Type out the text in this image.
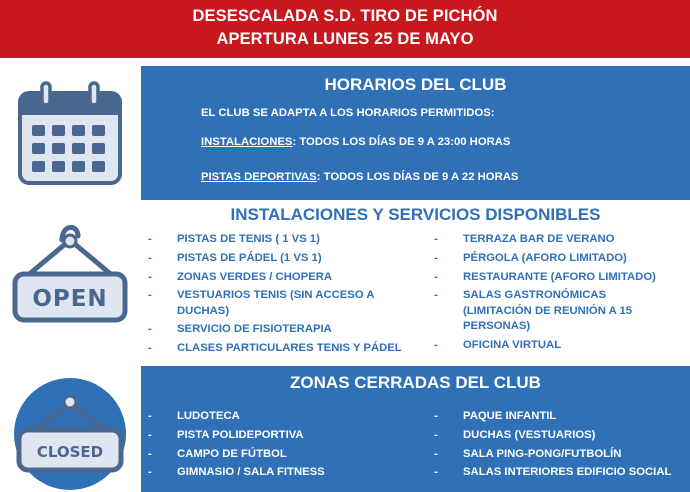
DESESCALADA S.D. TIRO DE PICHÓN
APERTURA LUNES 25 DE MAYO
HORARIOS DEL CLUB
EL CLUB SE ADAPTA A LOS HORARIOS PERMITIDOS:
INSTALACIONES: TODOS LOS DÍAS DE 9 A 23:00 HORAS
PISTAS DEPORTIVAS: TODOS LOS DÍAS DE 9 A 22 HORAS
OPEN
INSTALACIONES Y SERVICIOS DISPONIBLES
- PISTAS DE TENIS ( 1 VS 1)
- PISTAS DE PÁDEL (1 VS 1)
- ZONAS VERDES / CHOPERA
- VESTUARIOS TENIS (SIN ACCESO A DUCHAS)
- SERVICIO DE FISIOTERAPIA
- CLASES PARTICULARES TENIS Y PÁDEL
- TERRAZA BAR DE VERANO
- PÉRGOLA (AFORO LIMITADO)
- RESTAURANTE (AFORO LIMITADO)
- SALAS GASTRONÓMICAS (LIMITACIÓN DE REUNIÓN A 15 PERSONAS)
- OFICINA VIRTUAL
CLOSED
ZONAS CERRADAS DEL CLUB
- LUDOTECA
- PISTA POLIDEPORTIVA
- CAMPO DE FÚTBOL
- GIMNASIO / SALA FITNESS
- PAQUE INFANTIL
- DUCHAS (VESTUARIOS)
- SALA PING-PONG/FUTBOLÍN
- SALAS INTERIORES EDIFICIO SOCIAL
